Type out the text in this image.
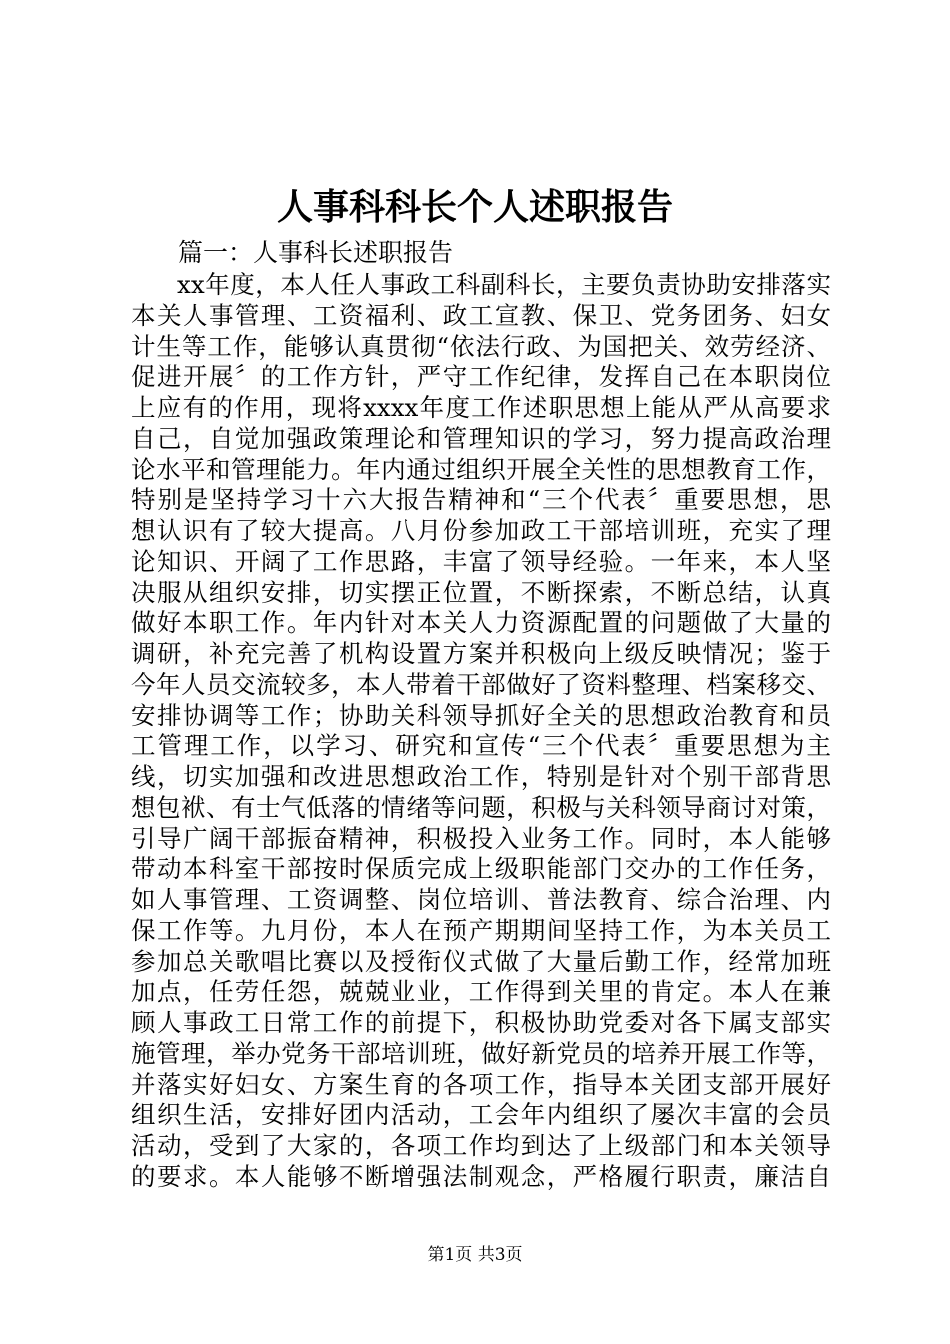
人事科科长个人述职报告
篇一：人事科长述职报告
xx年度，本人任人事政工科副科长，主要负责协助安排落实
本关人事管理、工资福利、政工宣教、保卫、党务团务、妇女
计生等工作，能够认真贯彻“依法行政、为国把关、效劳经济、
促进开展〞的工作方针，严守工作纪律，发挥自己在本职岗位
上应有的作用，现将xxxx年度工作述职思想上能从严从高要求
自己，自觉加强政策理论和管理知识的学习，努力提高政治理
论水平和管理能力。年内通过组织开展全关性的思想教育工作，
特别是坚持学习十六大报告精神和“三个代表〞重要思想，思
想认识有了较大提高。八月份参加政工干部培训班，充实了理
论知识、开阔了工作思路，丰富了领导经验。一年来，本人坚
决服从组织安排，切实摆正位置，不断探索，不断总结，认真
做好本职工作。年内针对本关人力资源配置的问题做了大量的
调研，补充完善了机构设置方案并积极向上级反映情况；鉴于
今年人员交流较多，本人带着干部做好了资料整理、档案移交、
安排协调等工作；协助关科领导抓好全关的思想政治教育和员
工管理工作，以学习、研究和宣传“三个代表〞重要思想为主
线，切实加强和改进思想政治工作，特别是针对个别干部背思
想包袱、有士气低落的情绪等问题，积极与关科领导商讨对策，
引导广阔干部振奋精神，积极投入业务工作。同时，本人能够
带动本科室干部按时保质完成上级职能部门交办的工作任务，
如人事管理、工资调整、岗位培训、普法教育、综合治理、内
保工作等。九月份，本人在预产期期间坚持工作，为本关员工
参加总关歌唱比赛以及授衔仪式做了大量后勤工作，经常加班
加点，任劳任怨，兢兢业业，工作得到关里的肯定。本人在兼
顾人事政工日常工作的前提下，积极协助党委对各下属支部实
施管理，举办党务干部培训班，做好新党员的培养开展工作等，
并落实好妇女、方案生育的各项工作，指导本关团支部开展好
组织生活，安排好团内活动，工会年内组织了屡次丰富的会员
活动，受到了大家的，各项工作均到达了上级部门和本关领导
的要求。本人能够不断增强法制观念，严格履行职责，廉洁自
第1页 共3页
